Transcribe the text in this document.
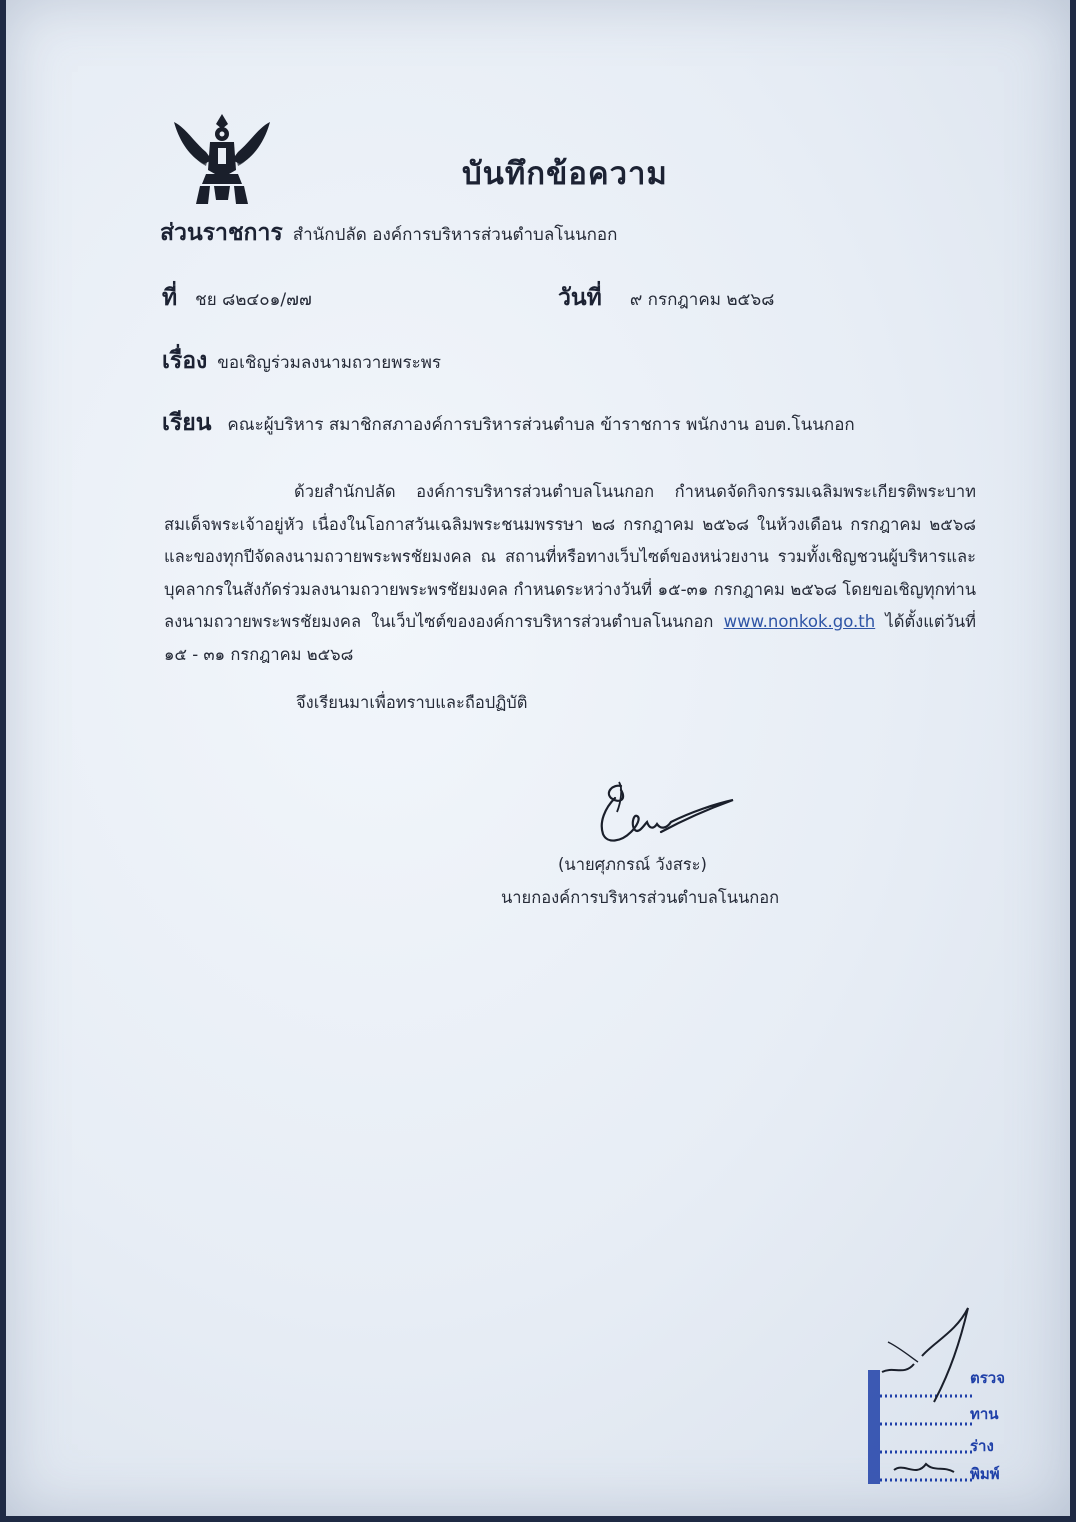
บันทึกข้อความ
ส่วนราชการ สำนักปลัด องค์การบริหารส่วนตำบลโนนกอก
ที่ ชย ๘๒๔๐๑/๗๗	วันที่ ๙ กรกฎาคม ๒๕๖๘
เรื่อง ขอเชิญร่วมลงนามถวายพระพร
เรียน คณะผู้บริหาร สมาชิกสภาองค์การบริหารส่วนตำบล ข้าราชการ พนักงาน อบต.โนนกอก
ด้วยสำนักปลัด องค์การบริหารส่วนตำบลโนนกอก กำหนดจัดกิจกรรมเฉลิมพระเกียรติพระบาทสมเด็จพระเจ้าอยู่หัว เนื่องในโอกาสวันเฉลิมพระชนมพรรษา ๒๘ กรกฎาคม ๒๕๖๘ ในห้วงเดือน กรกฎาคม ๒๕๖๘ และของทุกปีจัดลงนามถวายพระพรชัยมงคล ณ สถานที่หรือทางเว็บไซต์ของหน่วยงาน รวมทั้งเชิญชวนผู้บริหารและบุคลากรในสังกัดร่วมลงนามถวายพระพรชัยมงคล กำหนดระหว่างวันที่ ๑๕-๓๑ กรกฎาคม ๒๕๖๘ โดยขอเชิญทุกท่านลงนามถวายพระพรชัยมงคล ในเว็บไซต์ขององค์การบริหารส่วนตำบลโนนกอก www.nonkok.go.th ได้ตั้งแต่วันที่ ๑๕ - ๓๑ กรกฎาคม ๒๕๖๘
จึงเรียนมาเพื่อทราบและถือปฏิบัติ
(นายศุภกรณ์ วังสระ)
นายกองค์การบริหารส่วนตำบลโนนกอก
ตรวจ
ทาน
ร่าง
พิมพ์
